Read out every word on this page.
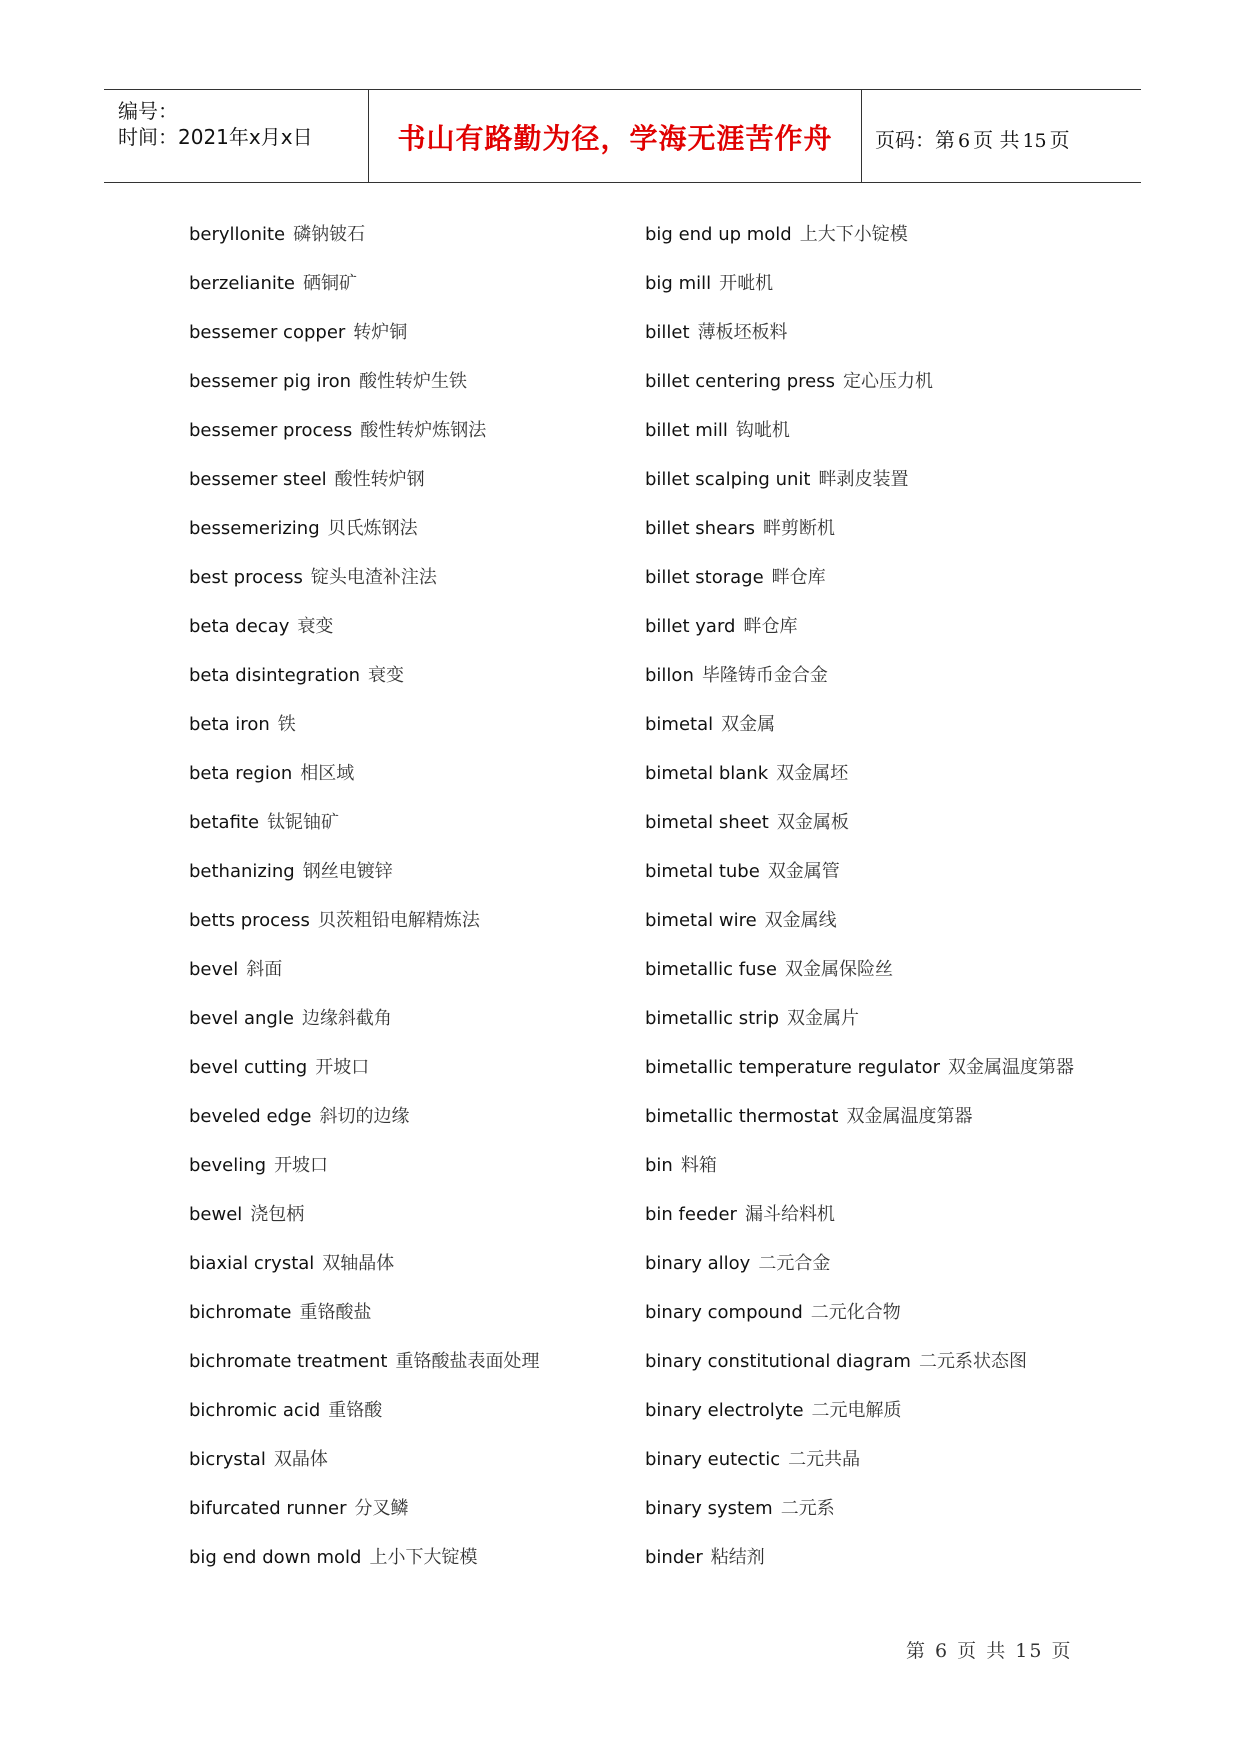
编号：
时间：2021年x月x日	书山有路勤为径，学海无涯苦作舟	页码：第 6 页 共 15 页
beryllonite 磷钠铍石
berzelianite 硒铜矿
bessemer copper 转炉铜
bessemer pig iron 酸性转炉生铁
bessemer process 酸性转炉炼钢法
bessemer steel 酸性转炉钢
bessemerizing 贝氏炼钢法
best process 锭头电渣补注法
beta decay 衰变
beta disintegration 衰变
beta iron 铁
beta region 相区域
betafite 钛铌铀矿
bethanizing 钢丝电镀锌
betts process 贝茨粗铅电解精炼法
bevel 斜面
bevel angle 边缘斜截角
bevel cutting 开坡口
beveled edge 斜切的边缘
beveling 开坡口
bewel 浇包柄
biaxial crystal 双轴晶体
bichromate 重铬酸盐
bichromate treatment 重铬酸盐表面处理
bichromic acid 重铬酸
bicrystal 双晶体
bifurcated runner 分叉鳞
big end down mold 上小下大锭模
big end up mold 上大下小锭模
big mill 开呲机
billet 薄板坯板料
billet centering press 定心压力机
billet mill 钩呲机
billet scalping unit 畔剥皮装置
billet shears 畔剪断机
billet storage 畔仓库
billet yard 畔仓库
billon 毕隆铸币金合金
bimetal 双金属
bimetal blank 双金属坯
bimetal sheet 双金属板
bimetal tube 双金属管
bimetal wire 双金属线
bimetallic fuse 双金属保险丝
bimetallic strip 双金属片
bimetallic temperature regulator 双金属温度第器
bimetallic thermostat 双金属温度第器
bin 料箱
bin feeder 漏斗给料机
binary alloy 二元合金
binary compound 二元化合物
binary constitutional diagram 二元系状态图
binary electrolyte 二元电解质
binary eutectic 二元共晶
binary system 二元系
binder 粘结剂
第 6 页 共 15 页
